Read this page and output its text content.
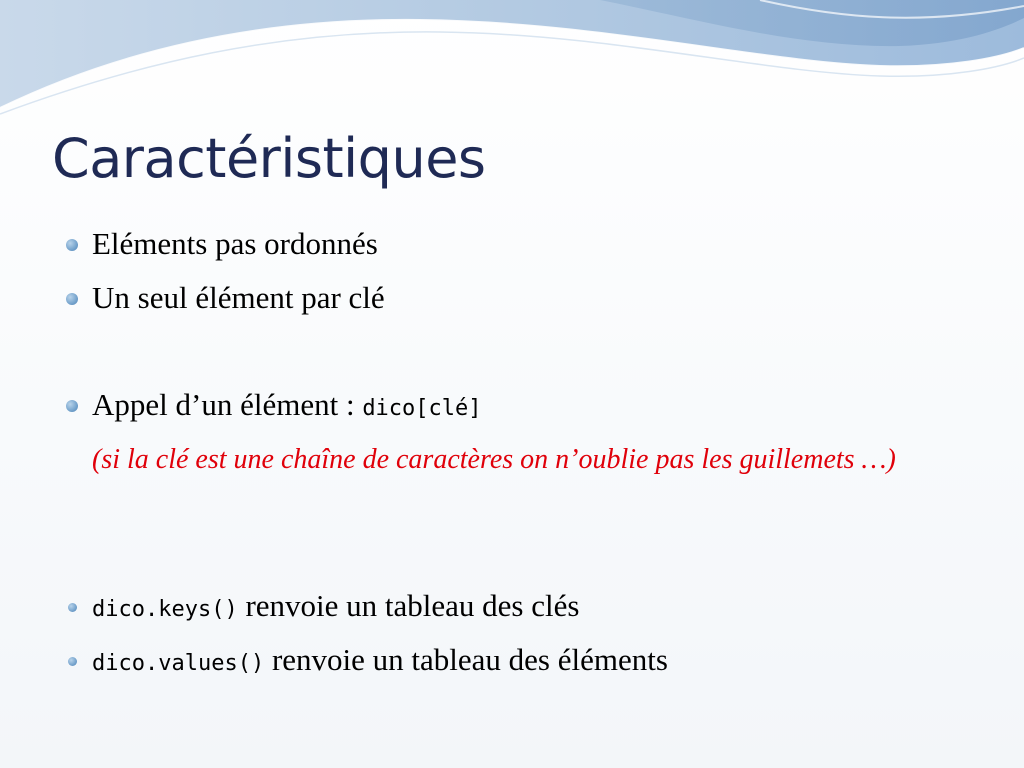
Caractéristiques
Eléments pas ordonnés
Un seul élément par clé
Appel d’un élément : dico[clé]
(si la clé est une chaîne de caractères on n’oublie pas les guillemets …)
dico.keys() renvoie un tableau des clés
dico.values() renvoie un tableau des éléments
